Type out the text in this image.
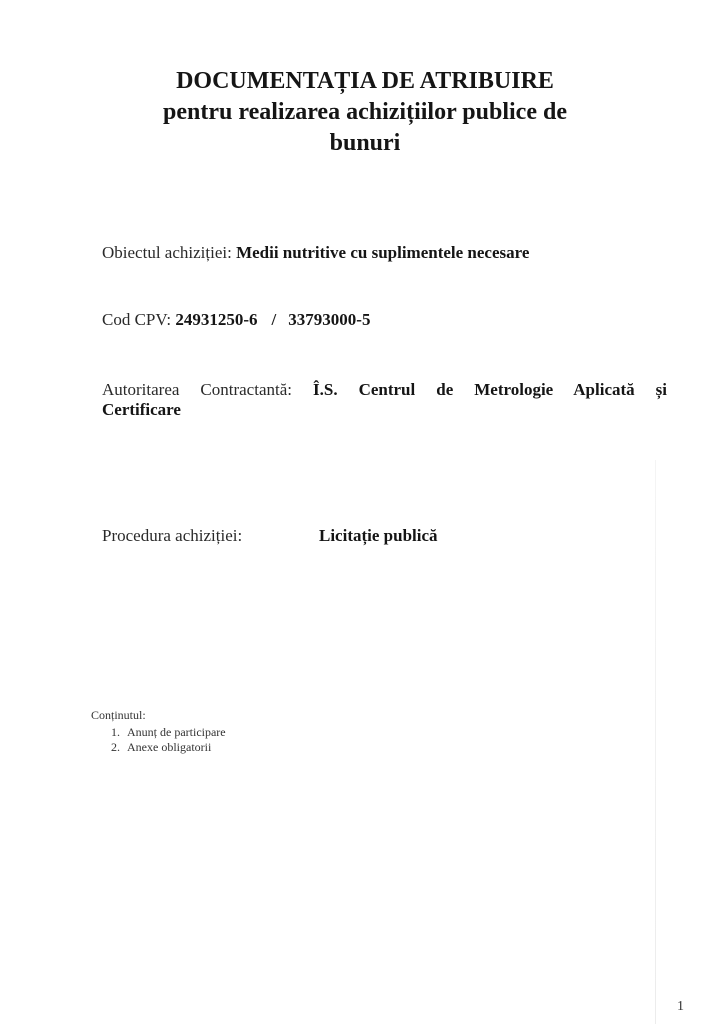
DOCUMENTAȚIA DE ATRIBUIRE
pentru realizarea achizițiilor publice de
bunuri
Obiectul achiziției: Medii nutritive cu suplimentele necesare
Cod CPV: 24931250-6 / 33793000-5
Autoritarea Contractantă: Î.S. Centrul de Metrologie Aplicată și
Certificare
Procedura achiziției:	Licitație publică
Conținutul:
1. Anunț de participare
2. Anexe obligatorii
1
